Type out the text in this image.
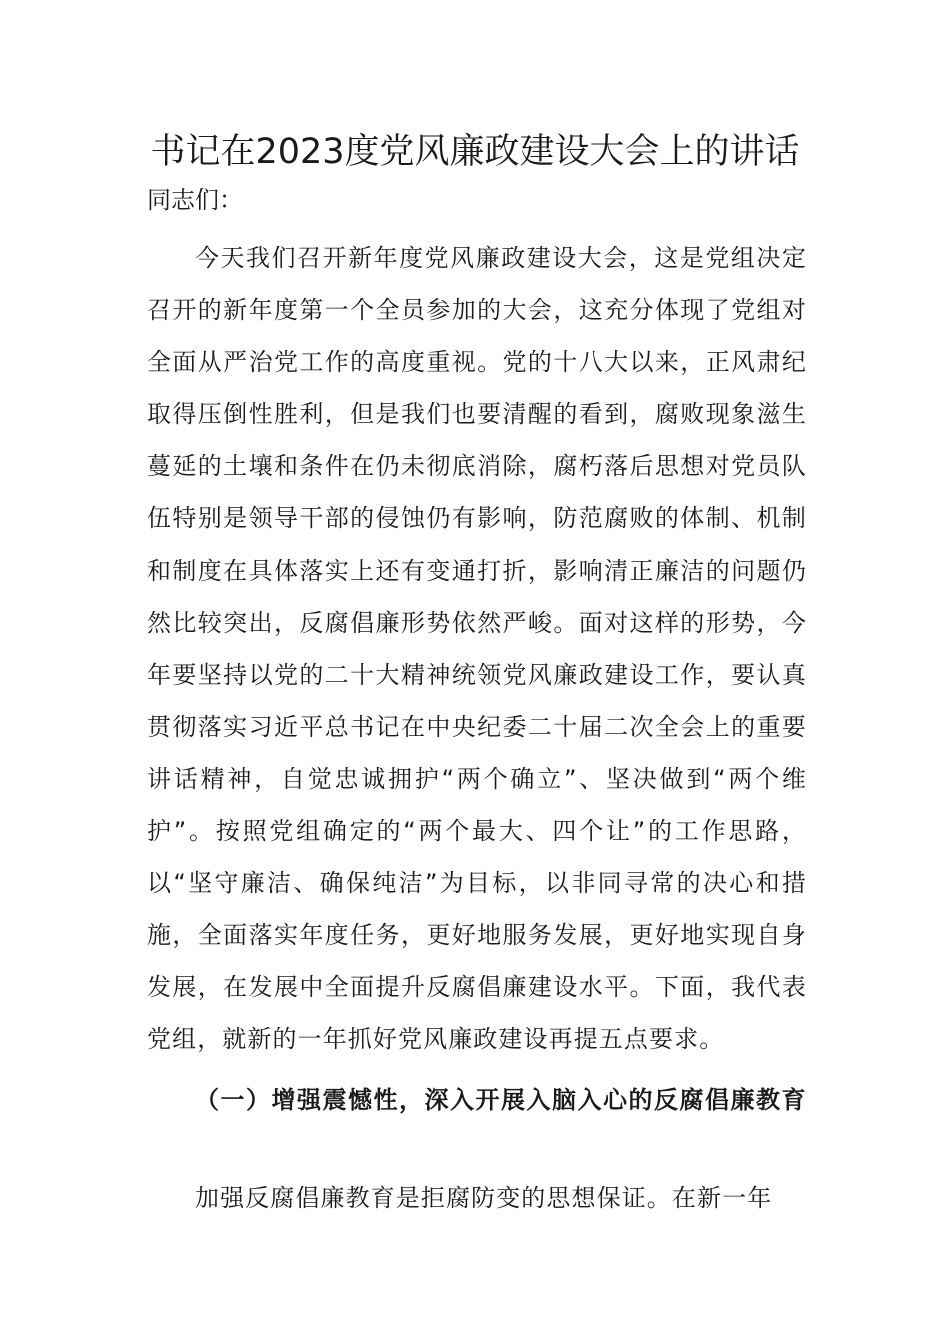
书记在2023度党风廉政建设大会上的讲话
同志们：

今天我们召开新年度党风廉政建设大会，这是党组决定召开的新年度第一个全员参加的大会，这充分体现了党组对全面从严治党工作的高度重视。党的十八大以来，正风肃纪取得压倒性胜利，但是我们也要清醒的看到，腐败现象滋生蔓延的土壤和条件在仍未彻底消除，腐朽落后思想对党员队伍特别是领导干部的侵蚀仍有影响，防范腐败的体制、机制和制度在具体落实上还有变通打折，影响清正廉洁的问题仍然比较突出，反腐倡廉形势依然严峻。面对这样的形势，今年要坚持以党的二十大精神统领党风廉政建设工作，要认真贯彻落实习近平总书记在中央纪委二十届二次全会上的重要讲话精神，自觉忠诚拥护“两个确立”、坚决做到“两个维护”。按照党组确定的“两个最大、四个让”的工作思路，以“坚守廉洁、确保纯洁”为目标，以非同寻常的决心和措施，全面落实年度任务，更好地服务发展，更好地实现自身发展，在发展中全面提升反腐倡廉建设水平。下面，我代表党组，就新的一年抓好党风廉政建设再提五点要求。

（一）增强震憾性，深入开展入脑入心的反腐倡廉教育

加强反腐倡廉教育是拒腐防变的思想保证。在新一年
